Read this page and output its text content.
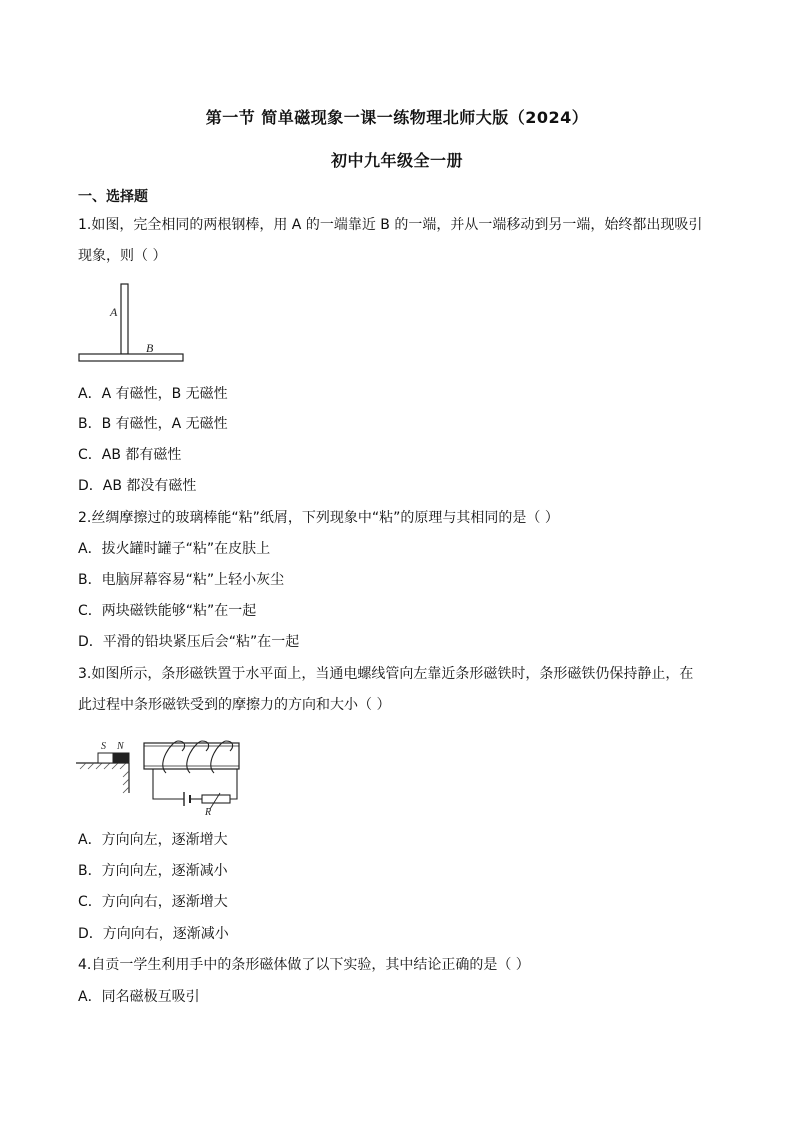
第一节 简单磁现象一课一练物理北师大版（2024）
初中九年级全一册
一、选择题
1.如图，完全相同的两根钢棒，用 A 的一端靠近 B 的一端，并从一端移动到另一端，始终都出现吸引
现象，则（ ）
A
B
A．A 有磁性，B 无磁性
B．B 有磁性，A 无磁性
C．AB 都有磁性
D．AB 都没有磁性
2.丝绸摩擦过的玻璃棒能“粘”纸屑，下列现象中“粘”的原理与其相同的是（ ）
A．拔火罐时罐子“粘”在皮肤上
B．电脑屏幕容易“粘”上轻小灰尘
C．两块磁铁能够“粘”在一起
D．平滑的铅块紧压后会“粘”在一起
3.如图所示，条形磁铁置于水平面上，当通电螺线管向左靠近条形磁铁时，条形磁铁仍保持静止，在
此过程中条形磁铁受到的摩擦力的方向和大小（ ）
S N
R
A．方向向左，逐渐增大
B．方向向左，逐渐减小
C．方向向右，逐渐增大
D．方向向右，逐渐减小
4.自贡一学生利用手中的条形磁体做了以下实验，其中结论正确的是（ ）
A．同名磁极互吸引
